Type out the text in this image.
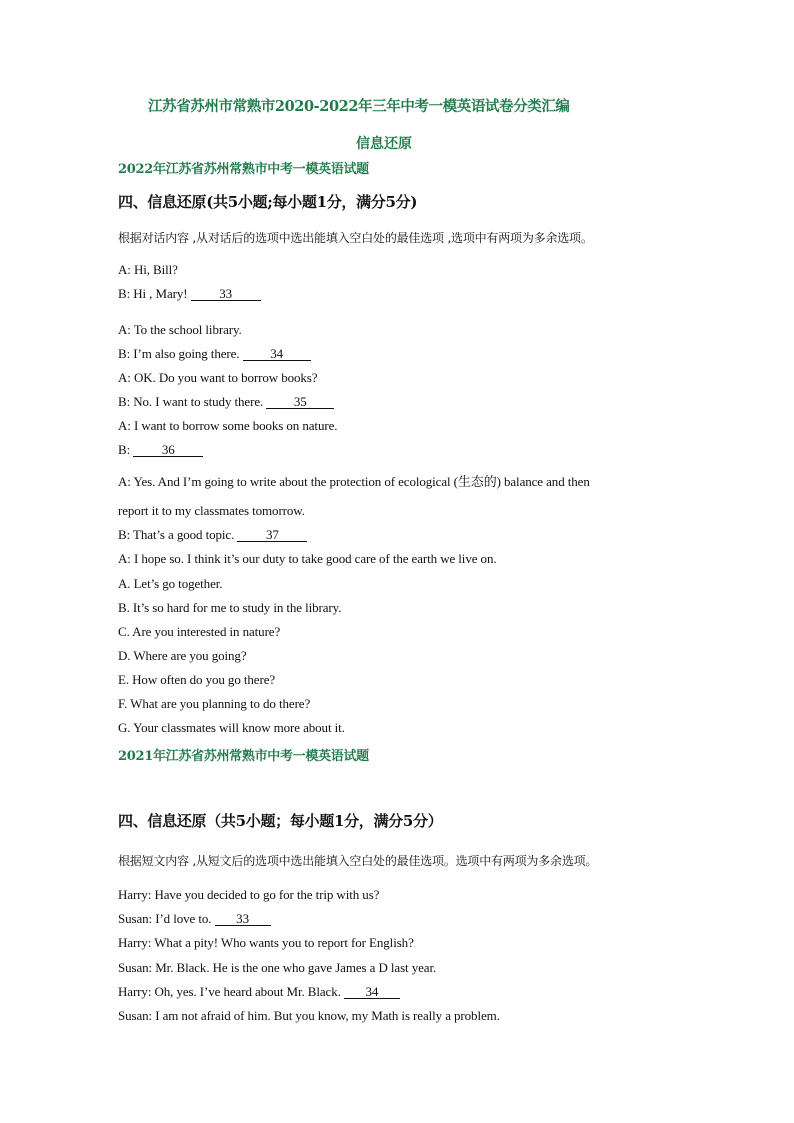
江苏省苏州市常熟市2020-2022年三年中考一模英语试卷分类汇编
信息还原
2022年江苏省苏州常熟市中考一模英语试题
四、信息还原(共5小题;每小题1分，满分5分)
根据对话内容 ,从对话后的选项中选出能填入空白处的最佳选项 ,选项中有两项为多余选项。
A: Hi, Bill?
B: Hi , Mary! 33
A: To the school library.
B: I’m also going there. 34
A: OK. Do you want to borrow books?
B: No. I want to study there. 35
A: I want to borrow some books on nature.
B: 36
A: Yes. And I’m going to write about the protection of ecological (生态的) balance and then
report it to my classmates tomorrow.
B: That’s a good topic. 37
A: I hope so. I think it’s our duty to take good care of the earth we live on.
A. Let’s go together.
B. It’s so hard for me to study in the library.
C. Are you interested in nature?
D. Where are you going?
E. How often do you go there?
F. What are you planning to do there?
G. Your classmates will know more about it.
2021年江苏省苏州常熟市中考一模英语试题
四、信息还原（共5小题；每小题1分，满分5分）
根据短文内容 ,从短文后的选项中选出能填入空白处的最佳选项。选项中有两项为多余选项。
Harry: Have you decided to go for the trip with us?
Susan: I’d love to. 33
Harry: What a pity! Who wants you to report for English?
Susan: Mr. Black. He is the one who gave James a D last year.
Harry: Oh, yes. I’ve heard about Mr. Black. 34
Susan: I am not afraid of him. But you know, my Math is really a problem.
